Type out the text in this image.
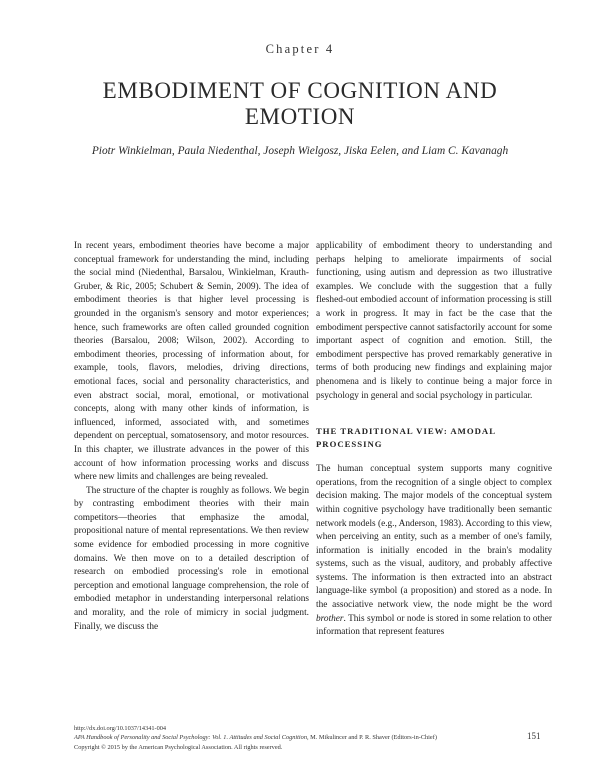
Chapter 4
EMBODIMENT OF COGNITION AND EMOTION
Piotr Winkielman, Paula Niedenthal, Joseph Wielgosz, Jiska Eelen, and Liam C. Kavanagh

In recent years, embodiment theories have become a major conceptual framework for understanding the mind, including the social mind (Niedenthal, Barsalou, Winkielman, Krauth-Gruber, & Ric, 2005; Schubert & Semin, 2009). The idea of embodiment theories is that higher level processing is grounded in the organism's sensory and motor experiences; hence, such frameworks are often called grounded cognition theories (Barsalou, 2008; Wilson, 2002). According to embodiment theories, processing of information about, for example, tools, flavors, melodies, driving directions, emotional faces, social and personality characteristics, and even abstract social, moral, emotional, or motivational concepts, along with many other kinds of information, is influenced, informed, associated with, and sometimes dependent on perceptual, somatosensory, and motor resources. In this chapter, we illustrate advances in the power of this account of how information processing works and discuss where new limits and challenges are being revealed.

The structure of the chapter is roughly as follows. We begin by contrasting embodiment theories with their main competitors—theories that emphasize the amodal, propositional nature of mental representations. We then review some evidence for embodied processing in more cognitive domains. We then move on to a detailed description of research on embodied processing's role in emotional perception and emotional language comprehension, the role of embodied metaphor in understanding interpersonal relations and morality, and the role of mimicry in social judgment. Finally, we discuss the

applicability of embodiment theory to understanding and perhaps helping to ameliorate impairments of social functioning, using autism and depression as two illustrative examples. We conclude with the suggestion that a fully fleshed-out embodied account of information processing is still a work in progress. It may in fact be the case that the embodiment perspective cannot satisfactorily account for some important aspect of cognition and emotion. Still, the embodiment perspective has proved remarkably generative in terms of both producing new findings and explaining major phenomena and is likely to continue being a major force in psychology in general and social psychology in particular.

THE TRADITIONAL VIEW: AMODAL PROCESSING

The human conceptual system supports many cognitive operations, from the recognition of a single object to complex decision making. The major models of the conceptual system within cognitive psychology have traditionally been semantic network models (e.g., Anderson, 1983). According to this view, when perceiving an entity, such as a member of one's family, information is initially encoded in the brain's modality systems, such as the visual, auditory, and probably affective systems. The information is then extracted into an abstract language-like symbol (a proposition) and stored as a node. In the associative network view, the node might be the word brother. This symbol or node is stored in some relation to other information that represent features

http://dx.doi.org/10.1037/14341-004
APA Handbook of Personality and Social Psychology: Vol. 1. Attitudes and Social Cognition, M. Mikulincer and P. R. Shaver (Editors-in-Chief)
Copyright © 2015 by the American Psychological Association. All rights reserved.
151
